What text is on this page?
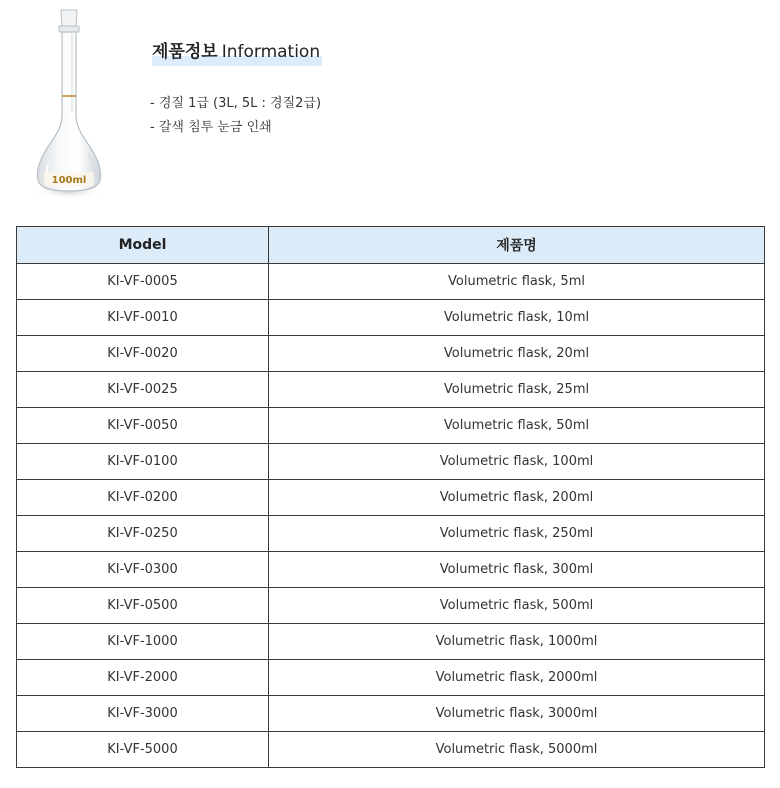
100ml
제품정보 Information
- 경질 1급 (3L, 5L : 경질2급)
- 갈색 침투 눈금 인쇄
Model	제품명
KI-VF-0005	Volumetric flask, 5ml
KI-VF-0010	Volumetric flask, 10ml
KI-VF-0020	Volumetric flask, 20ml
KI-VF-0025	Volumetric flask, 25ml
KI-VF-0050	Volumetric flask, 50ml
KI-VF-0100	Volumetric flask, 100ml
KI-VF-0200	Volumetric flask, 200ml
KI-VF-0250	Volumetric flask, 250ml
KI-VF-0300	Volumetric flask, 300ml
KI-VF-0500	Volumetric flask, 500ml
KI-VF-1000	Volumetric flask, 1000ml
KI-VF-2000	Volumetric flask, 2000ml
KI-VF-3000	Volumetric flask, 3000ml
KI-VF-5000	Volumetric flask, 5000ml
